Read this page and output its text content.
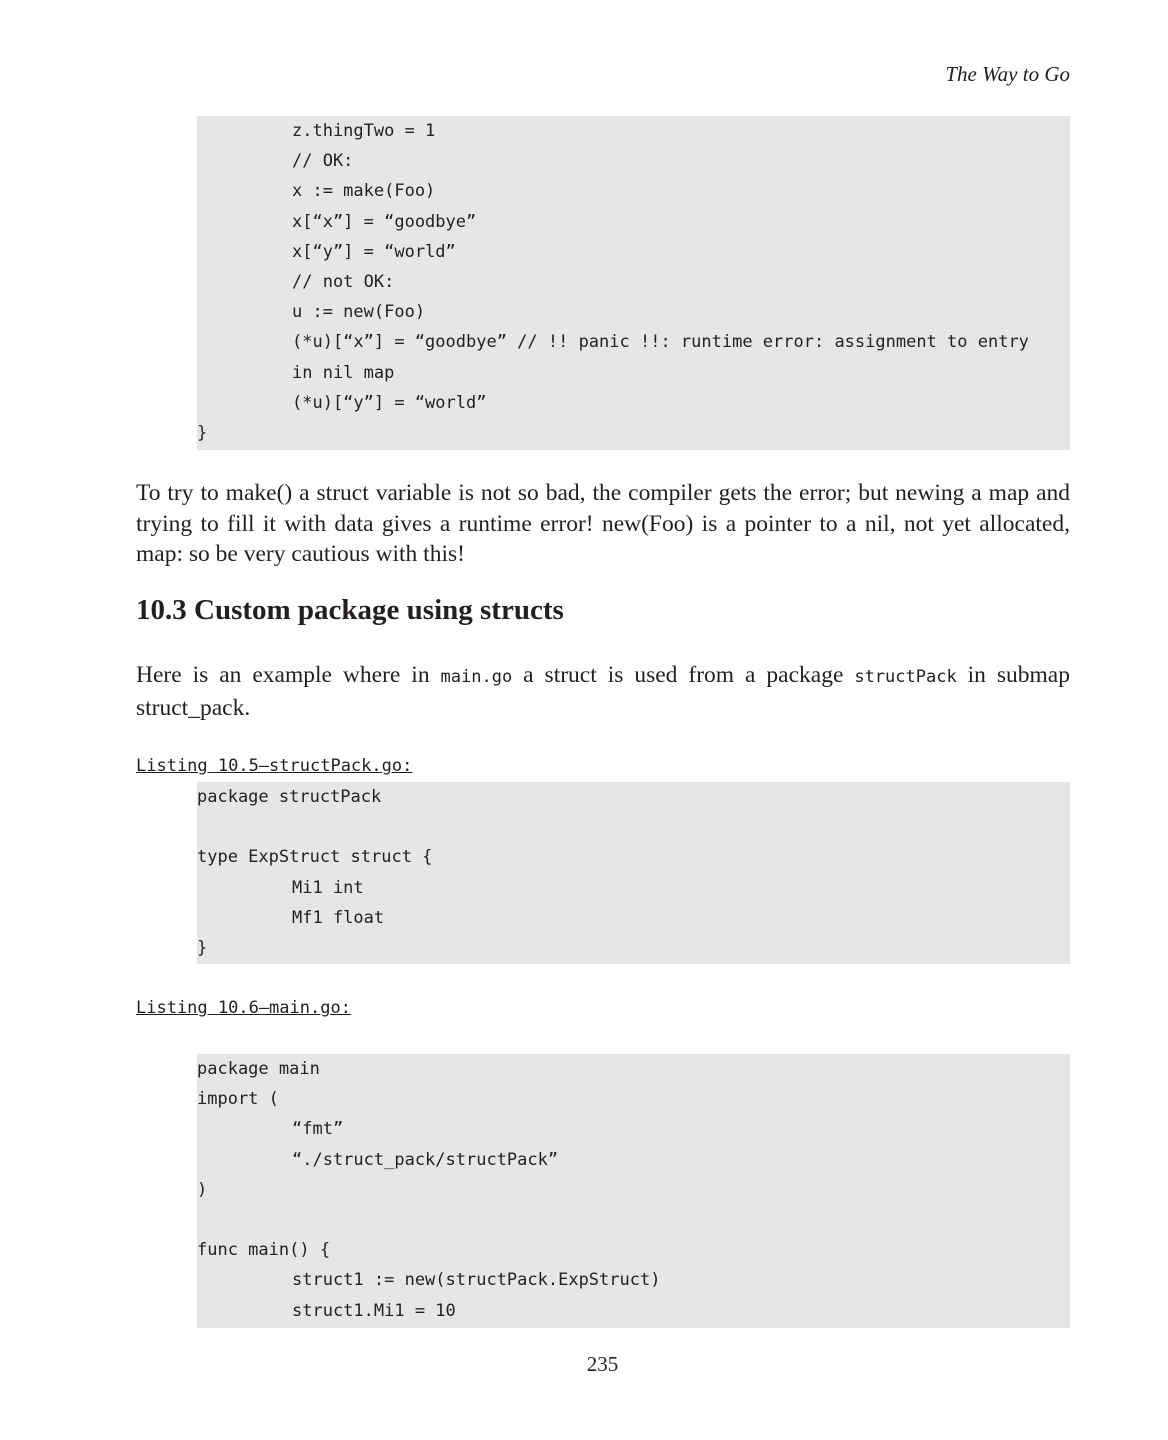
The Way to Go
z.thingTwo = 1
// OK:
x := make(Foo)
x[“x”] = “goodbye”
x[“y”] = “world”
// not OK:
u := new(Foo)
(*u)[“x”] = “goodbye” // !! panic !!: runtime error: assignment to entry
in nil map
(*u)[“y”] = “world”
}

To try to make() a struct variable is not so bad, the compiler gets the error; but newing a map and trying to fill it with data gives a runtime error! new(Foo) is a pointer to a nil, not yet allocated, map: so be very cautious with this!

10.3 Custom package using structs

Here is an example where in main.go a struct is used from a package structPack in submap struct_pack.

Listing 10.5—structPack.go:
package structPack
type ExpStruct struct {
Mi1 int
Mf1 float
}
Listing 10.6—main.go:
package main
import (
“fmt”
“./struct_pack/structPack”
)
func main() {
struct1 := new(structPack.ExpStruct)
struct1.Mi1 = 10
235
